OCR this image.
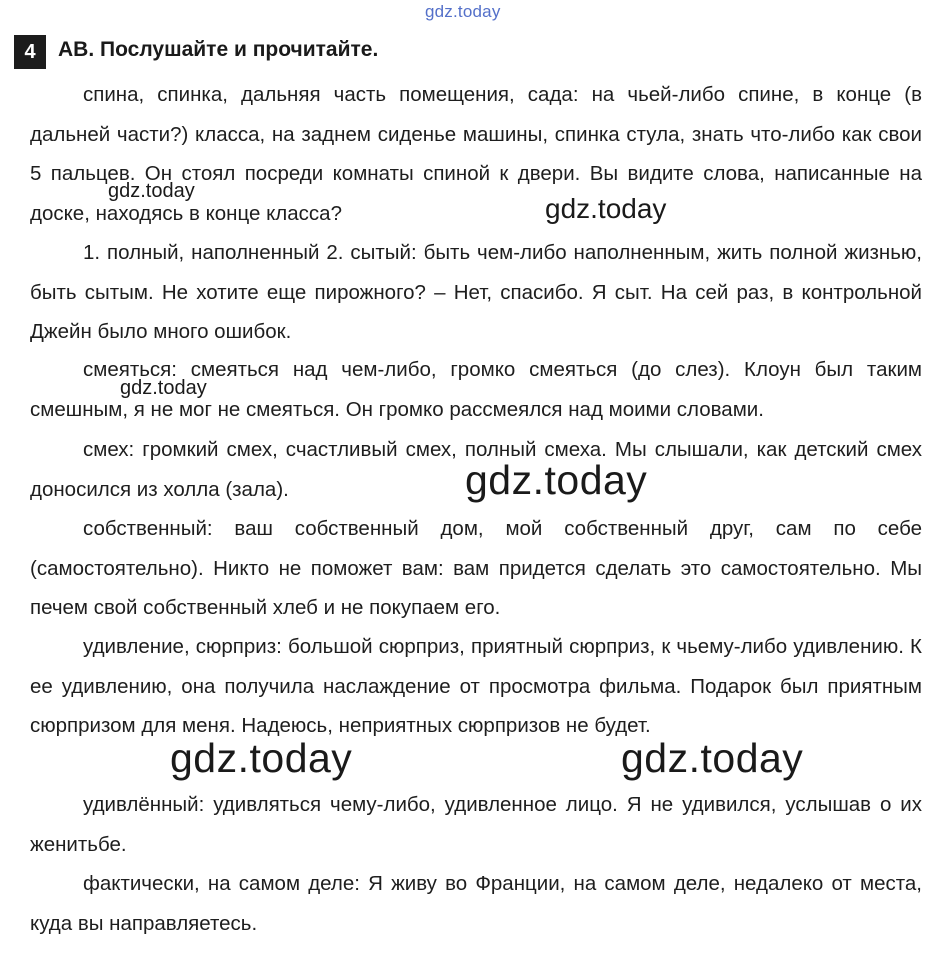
gdz.today
4	AB. Послушайте и прочитайте.

спина, спинка, дальняя часть помещения, сада: на чьей-либо спине, в конце (в дальней части?) класса, на заднем сиденье машины, спинка стула, знать что-либо как свои 5 пальцев. Он стоял посреди комнаты спиной к двери. Вы видите слова, написанные на доске, находясь в конце класса?

1. полный, наполненный 2. сытый: быть чем-либо наполненным, жить полной жизнью, быть сытым. Не хотите еще пирожного? – Нет, спасибо. Я сыт. На сей раз, в контрольной Джейн было много ошибок.

смеяться: смеяться над чем-либо, громко смеяться (до слез). Клоун был таким смешным, я не мог не смеяться. Он громко рассмеялся над моими словами.

смех: громкий смех, счастливый смех, полный смеха. Мы слышали, как детский смех доносился из холла (зала).

собственный: ваш собственный дом, мой собственный друг, сам по себе (самостоятельно). Никто не поможет вам: вам придется сделать это самостоятельно. Мы печем свой собственный хлеб и не покупаем его.

удивление, сюрприз: большой сюрприз, приятный сюрприз, к чьему-либо удивлению. К ее удивлению, она получила наслаждение от просмотра фильма. Подарок был приятным сюрпризом для меня. Надеюсь, неприятных сюрпризов не будет.

удивлённый: удивляться чему-либо, удивленное лицо. Я не удивился, услышав о их женитьбе.

фактически, на самом деле: Я живу во Франции, на самом деле, недалеко от места, куда вы направляетесь.

gdz.today
gdz.today
gdz.today
gdz.today
gdz.today	gdz.today
